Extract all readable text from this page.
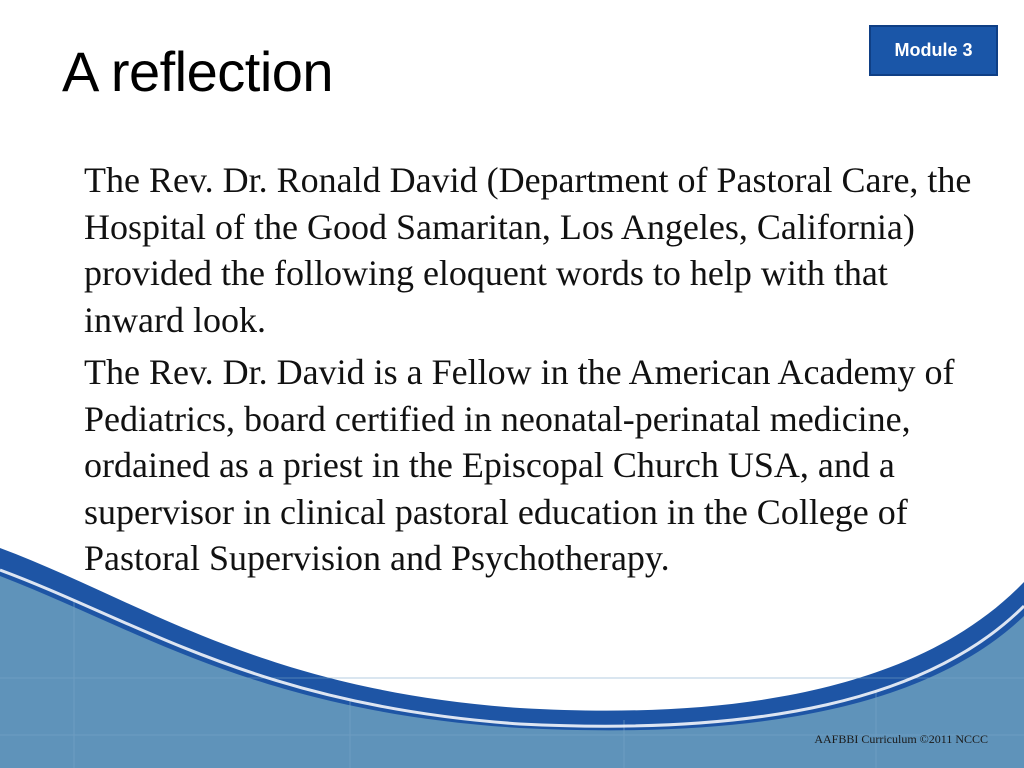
A reflection	Module 3

The Rev. Dr. Ronald David (Department of Pastoral Care, the Hospital of the Good Samaritan, Los Angeles, California) provided the following eloquent words to help with that inward look.

The Rev. Dr. David is a Fellow in the American Academy of Pediatrics, board certified in neonatal-perinatal medicine, ordained as a priest in the Episcopal Church USA, and a supervisor in clinical pastoral education in the College of Pastoral Supervision and Psychotherapy.

AAFBBI Curriculum ©2011 NCCC
